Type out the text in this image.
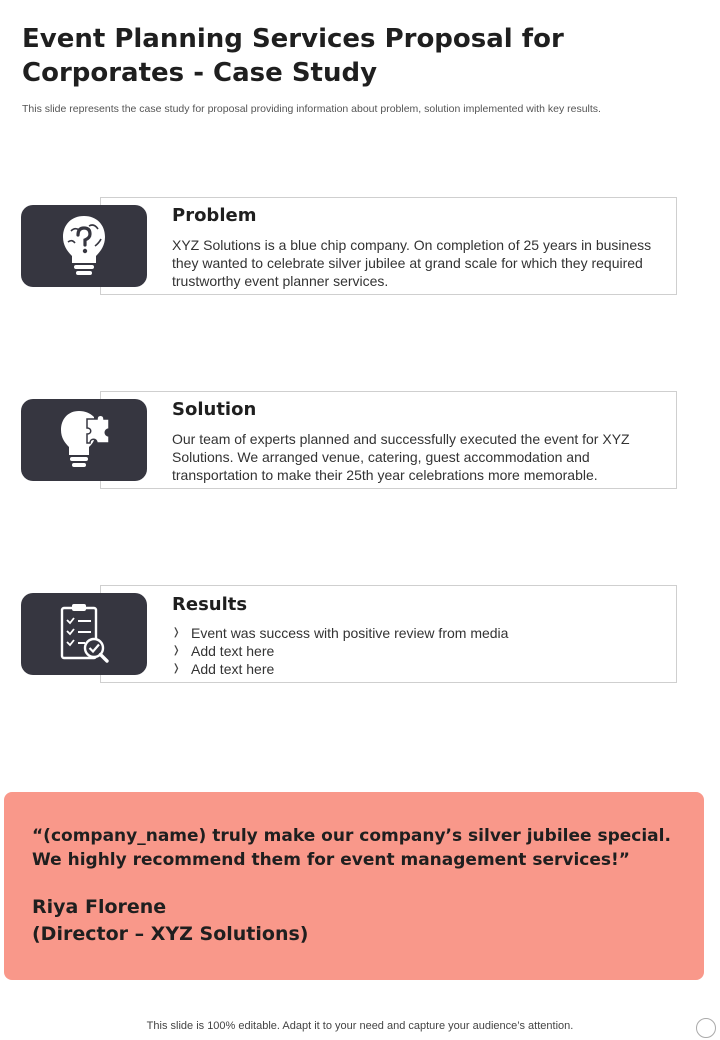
Event Planning Services Proposal for Corporates - Case Study

This slide represents the case study for proposal providing information about problem, solution implemented with key results.

Problem

XYZ Solutions is a blue chip company. On completion of 25 years in business they wanted to celebrate silver jubilee at grand scale for which they required trustworthy event planner services.

Solution

Our team of experts planned and successfully executed the event for XYZ Solutions. We arranged venue, catering, guest accommodation and transportation to make their 25th year celebrations more memorable.

Results
❭ Event was success with positive review from media
❭ Add text here
❭ Add text here

“(company_name) truly make our company’s silver jubilee special. We highly recommend them for event management services!”

Riya Florene
(Director – XYZ Solutions)

This slide is 100% editable. Adapt it to your need and capture your audience’s attention.
